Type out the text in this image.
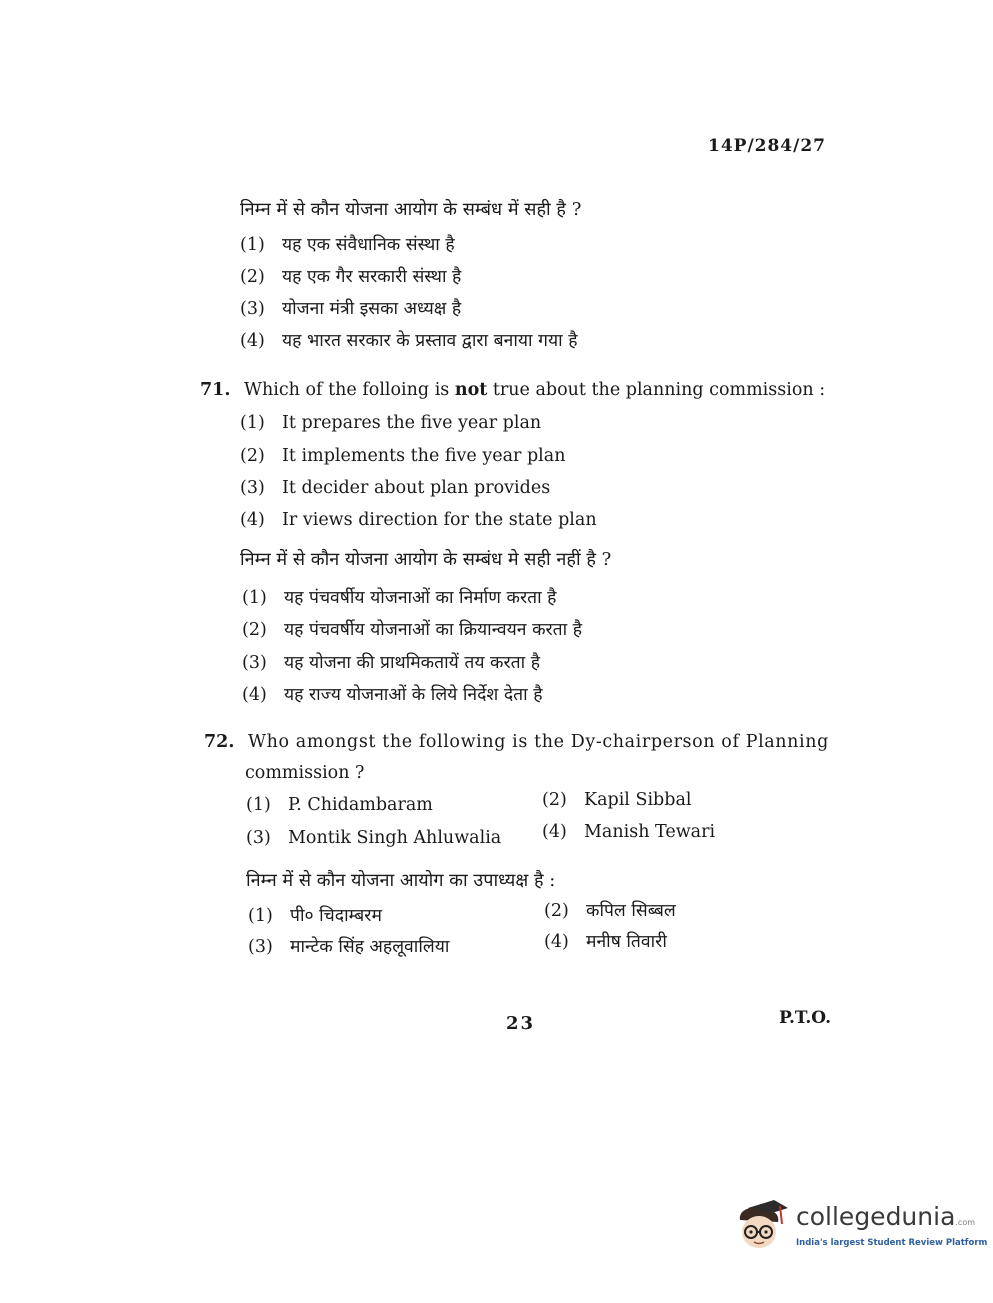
14P/284/27
निम्न में से कौन योजना आयोग के सम्बंध में सही है ?
(1) यह एक संवैधानिक संस्था है
(2) यह एक गैर सरकारी संस्था है
(3) योजना मंत्री इसका अध्यक्ष है
(4) यह भारत सरकार के प्रस्ताव द्वारा बनाया गया है
71. Which of the folloing is not true about the planning commission :
(1) It prepares the five year plan
(2) It implements the five year plan
(3) It decider about plan provides
(4) Ir views direction for the state plan
निम्न में से कौन योजना आयोग के सम्बंध मे सही नहीं है ?
(1) यह पंचवर्षीय योजनाओं का निर्माण करता है
(2) यह पंचवर्षीय योजनाओं का क्रियान्वयन करता है
(3) यह योजना की प्राथमिकतायें तय करता है
(4) यह राज्य योजनाओं के लिये निर्देश देता है
72. Who amongst the following is the Dy-chairperson of Planning
commission ?
(1) P. Chidambaram	(2) Kapil Sibbal
(3) Montik Singh Ahluwalia (4) Manish Tewari
निम्न में से कौन योजना आयोग का उपाध्यक्ष है :
(1) पी० चिदाम्बरम	(2) कपिल सिब्बल
(3) मान्टेक सिंह अहलूवालिया	(4) मनीष तिवारी
23	P.T.O.
collegedunia.com
India's largest Student Review Platform
